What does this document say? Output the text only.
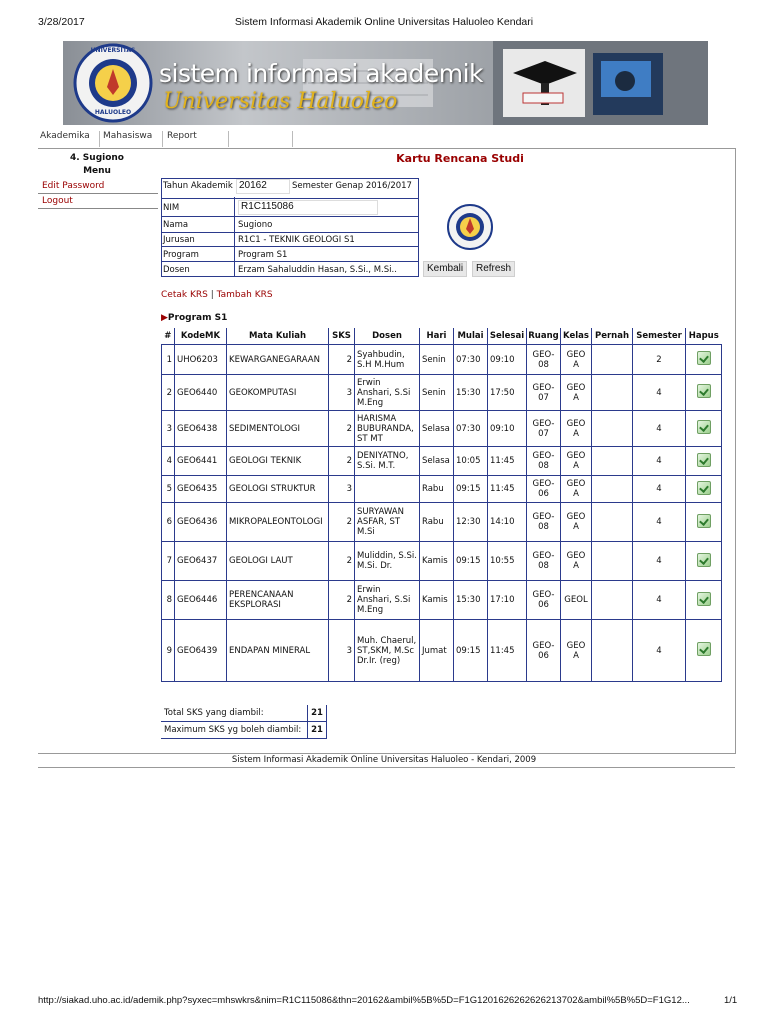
3/28/2017	Sistem Informasi Akademik Online Universitas Haluoleo Kendari
UNIVERSITAS
HALUOLEO
sistem informasi akademik
Universitas Haluoleo
Akademika Mahasiswa Report
4. Sugiono
Menu
Edit Password
Logout
Kartu Rencana Studi
Tahun Akademik 20162	Semester Genap 2016/2017
NIM	R1C115086
Nama	Sugiono
Jurusan	R1C1 - TEKNIK GEOLOGI S1
Program	Program S1
Dosen	Erzam Sahaluddin Hasan, S.Si., M.Si..	Kembali	Refresh
Cetak KRS | Tambah KRS
▶Program S1
#	KodeMK	Mata Kuliah	SKS	Dosen	Hari	Mulai	Selesai	Ruang	Kelas	Pernah	Semester	Hapus
1	UHO6203	KEWARGANEGARAAN	2	Syahbudin, S.H M.Hum	Senin	07:30	09:10	GEO-08	GEO A		2	
2	GEO6440	GEOKOMPUTASI	3	Erwin Anshari, S.Si M.Eng	Senin	15:30	17:50	GEO-07	GEO A		4	
3	GEO6438	SEDIMENTOLOGI	2	HARISMA BUBURANDA, ST MT	Selasa	07:30	09:10	GEO-07	GEO A		4	
4	GEO6441	GEOLOGI TEKNIK	2	DENIYATNO, S.Si. M.T.	Selasa	10:05	11:45	GEO-08	GEO A		4	
5	GEO6435	GEOLOGI STRUKTUR	3		Rabu	09:15	11:45	GEO-06	GEO A		4	
6	GEO6436	MIKROPALEONTOLOGI	2	SURYAWAN ASFAR, ST M.Si	Rabu	12:30	14:10	GEO-08	GEO A		4	
7	GEO6437	GEOLOGI LAUT	2	Muliddin, S.Si. M.Si. Dr.	Kamis	09:15	10:55	GEO-08	GEO A		4	
8	GEO6446	PERENCANAAN EKSPLORASI	2	Erwin Anshari, S.Si M.Eng	Kamis	15:30	17:10	GEO-06	GEOL		4	
9	GEO6439	ENDAPAN MINERAL	3	Muh. Chaerul, ST,SKM, M.Sc Dr.Ir. (reg)	Jumat	09:15	11:45	GEO-06	GEO A		4	
Total SKS yang diambil:	21
Maximum SKS yg boleh diambil:	21
Sistem Informasi Akademik Online Universitas Haluoleo - Kendari, 2009
http://siakad.uho.ac.id/ademik.php?syxec=mhswkrs&nim=R1C115086&thn=20162&ambil%5B%5D=F1G1201626262626213702&ambil%5B%5D=F1G12...	1/1
